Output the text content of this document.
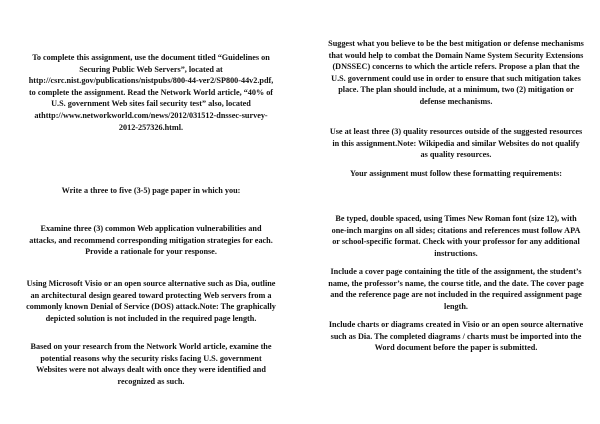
To complete this assignment, use the document titled “Guidelines on Securing Public Web Servers”, located at http://csrc.nist.gov/publications/nistpubs/800-44-ver2/SP800-44v2.pdf, to complete the assignment. Read the Network World article, “40% of U.S. government Web sites fail security test” also, located athttp://www.networkworld.com/news/2012/031512-dnssec-survey-2012-257326.html.

Write a three to five (3-5) page paper in which you:

Examine three (3) common Web application vulnerabilities and attacks, and recommend corresponding mitigation strategies for each. Provide a rationale for your response.

Using Microsoft Visio or an open source alternative such as Dia, outline an architectural design geared toward protecting Web servers from a commonly known Denial of Service (DOS) attack.Note: The graphically depicted solution is not included in the required page length.

Based on your research from the Network World article, examine the potential reasons why the security risks facing U.S. government Websites were not always dealt with once they were identified and recognized as such.

Suggest what you believe to be the best mitigation or defense mechanisms that would help to combat the Domain Name System Security Extensions (DNSSEC) concerns to which the article refers. Propose a plan that the U.S. government could use in order to ensure that such mitigation takes place. The plan should include, at a minimum, two (2) mitigation or defense mechanisms.

Use at least three (3) quality resources outside of the suggested resources in this assignment.Note: Wikipedia and similar Websites do not qualify as quality resources.

Your assignment must follow these formatting requirements:

Be typed, double spaced, using Times New Roman font (size 12), with one-inch margins on all sides; citations and references must follow APA or school-specific format. Check with your professor for any additional instructions.

Include a cover page containing the title of the assignment, the student’s name, the professor’s name, the course title, and the date. The cover page and the reference page are not included in the required assignment page length.

Include charts or diagrams created in Visio or an open source alternative such as Dia. The completed diagrams / charts must be imported into the Word document before the paper is submitted.
